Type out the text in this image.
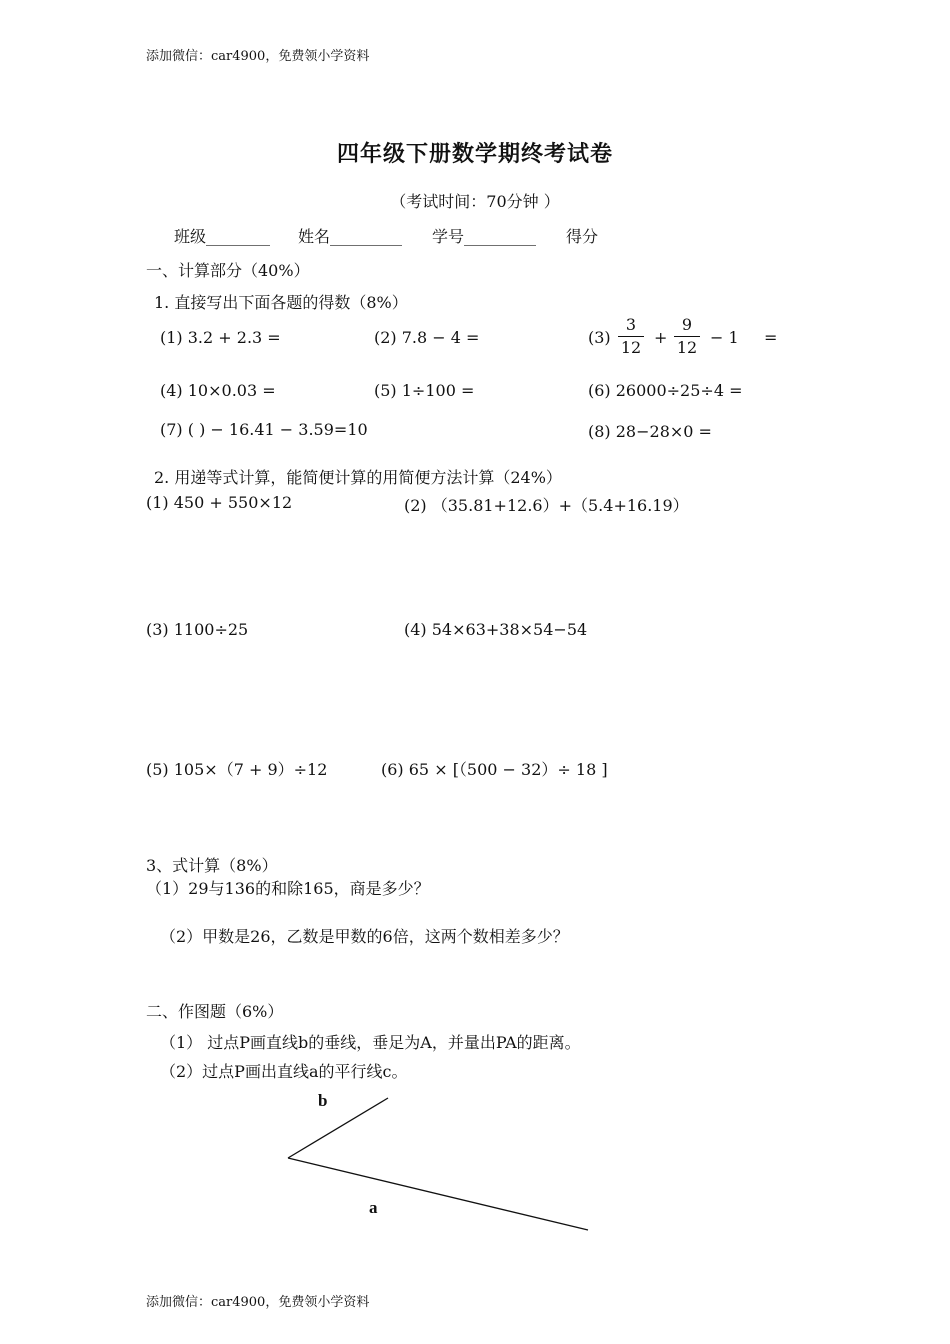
添加微信：car4900，免费领小学资料
四年级下册数学期终考试卷
（考试时间：70分钟 ）
班级________ 姓名_________ 学号_________ 得分
一、计算部分（40%）
1. 直接写出下面各题的得数（8%）
(1) 3.2 + 2.3 =	(2) 7.8 − 4 =	(3)
3
12
+
9
12
− 1 =
(4) 10×0.03 =	(5) 1÷100 =	(6) 26000÷25÷4 =
(7) ( ) − 16.41 − 3.59=10	(8) 28−28×0 =
2. 用递等式计算，能简便计算的用简便方法计算（24%）
(1) 450 + 550×12	(2) （35.81+12.6）+（5.4+16.19）
(3) 1100÷25	(4) 54×63+38×54−54
(5) 105×（7 + 9）÷12	(6) 65 × [（500 − 32）÷ 18 ]
3、式计算（8%）
（1）29与136的和除165，商是多少？
（2）甲数是26，乙数是甲数的6倍，这两个数相差多少？
二、作图题（6%）
（1） 过点P画直线b的垂线，垂足为A，并量出PA的距离。
（2）过点P画出直线a的平行线c。
b
a
添加微信：car4900，免费领小学资料
